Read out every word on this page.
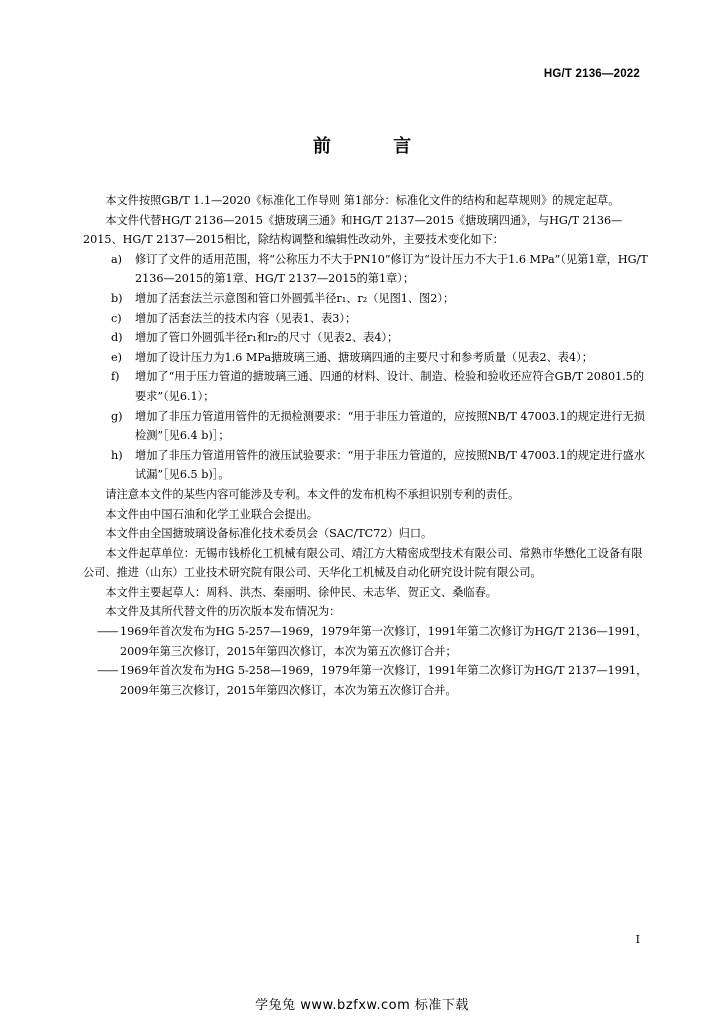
HG/T 2136—2022
前 言

本文件按照GB/T 1.1—2020《标准化工作导则 第1部分：标准化文件的结构和起草规则》的规定起草。

本文件代替HG/T 2136—2015《搪玻璃三通》和HG/T 2137—2015《搪玻璃四通》，与HG/T 2136—2015、HG/T 2137—2015相比，除结构调整和编辑性改动外，主要技术变化如下：

a) 修订了文件的适用范围，将“公称压力不大于PN10”修订为“设计压力不大于1.6 MPa”（见第1章，HG/T 2136—2015的第1章、HG/T 2137—2015的第1章）；

b) 增加了活套法兰示意图和管口外圆弧半径r₁、r₂（见图1、图2）；

c) 增加了活套法兰的技术内容（见表1、表3）；

d) 增加了管口外圆弧半径r₁和r₂的尺寸（见表2、表4）；

e) 增加了设计压力为1.6 MPa搪玻璃三通、搪玻璃四通的主要尺寸和参考质量（见表2、表4）；

f) 增加了“用于压力管道的搪玻璃三通、四通的材料、设计、制造、检验和验收还应符合GB/T 20801.5的要求”（见6.1）；

g) 增加了非压力管道用管件的无损检测要求：“用于非压力管道的，应按照NB/T 47003.1的规定进行无损检测”［见6.4 b)］；

h) 增加了非压力管道用管件的液压试验要求：“用于非压力管道的，应按照NB/T 47003.1的规定进行盛水试漏”［见6.5 b)］。

请注意本文件的某些内容可能涉及专利。本文件的发布机构不承担识别专利的责任。

本文件由中国石油和化学工业联合会提出。

本文件由全国搪玻璃设备标准化技术委员会（SAC/TC72）归口。

本文件起草单位：无锡市钱桥化工机械有限公司、靖江方大精密成型技术有限公司、常熟市华懋化工设备有限公司、推进（山东）工业技术研究院有限公司、天华化工机械及自动化研究设计院有限公司。

本文件主要起草人：周科、洪杰、秦丽明、徐仲民、未志华、贺正文、桑临春。

本文件及其所代替文件的历次版本发布情况为：

—— 1969年首次发布为HG 5-257—1969，1979年第一次修订，1991年第二次修订为HG/T 2136—1991，2009年第三次修订，2015年第四次修订，本次为第五次修订合并；

—— 1969年首次发布为HG 5-258—1969，1979年第一次修订，1991年第二次修订为HG/T 2137—1991，2009年第三次修订，2015年第四次修订，本次为第五次修订合并。

I
学兔兔 www.bzfxw.com 标准下载
